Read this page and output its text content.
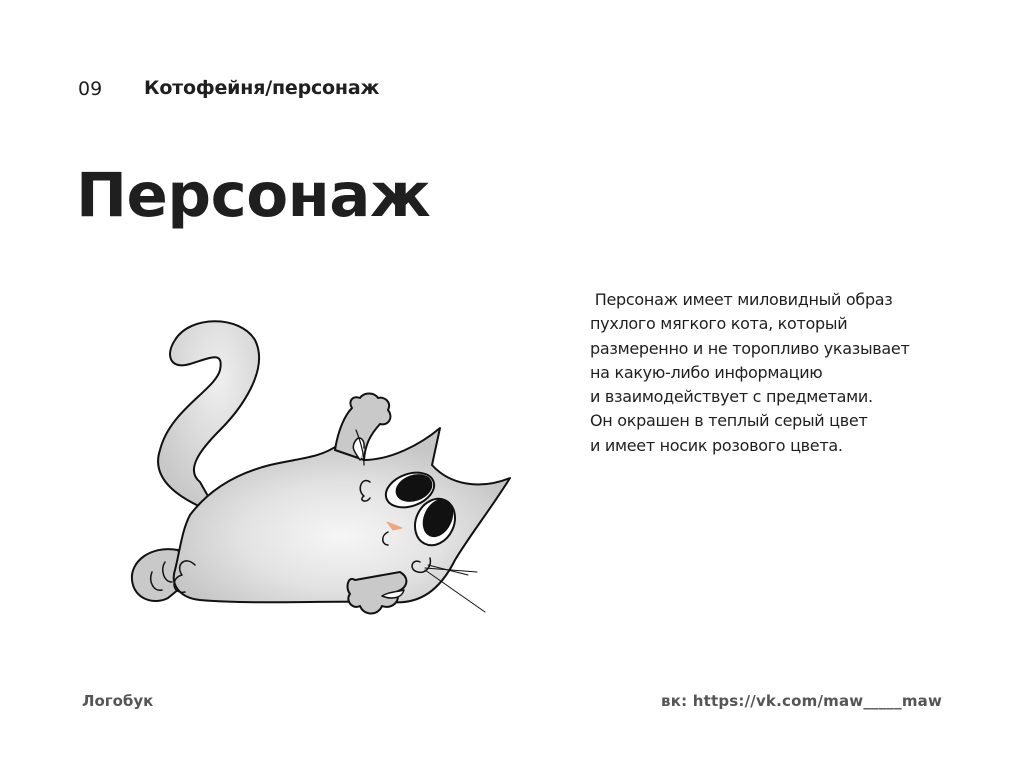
09 Котофейня/персонаж
Персонаж
Персонаж имеет миловидный образ
пухлого мягкого кота, который
размеренно и не торопливо указывает
на какую-либо информацию
и взаимодействует с предметами.
Он окрашен в теплый серый цвет
и имеет носик розового цвета.
Логобук	вк: https://vk.com/maw_____maw
